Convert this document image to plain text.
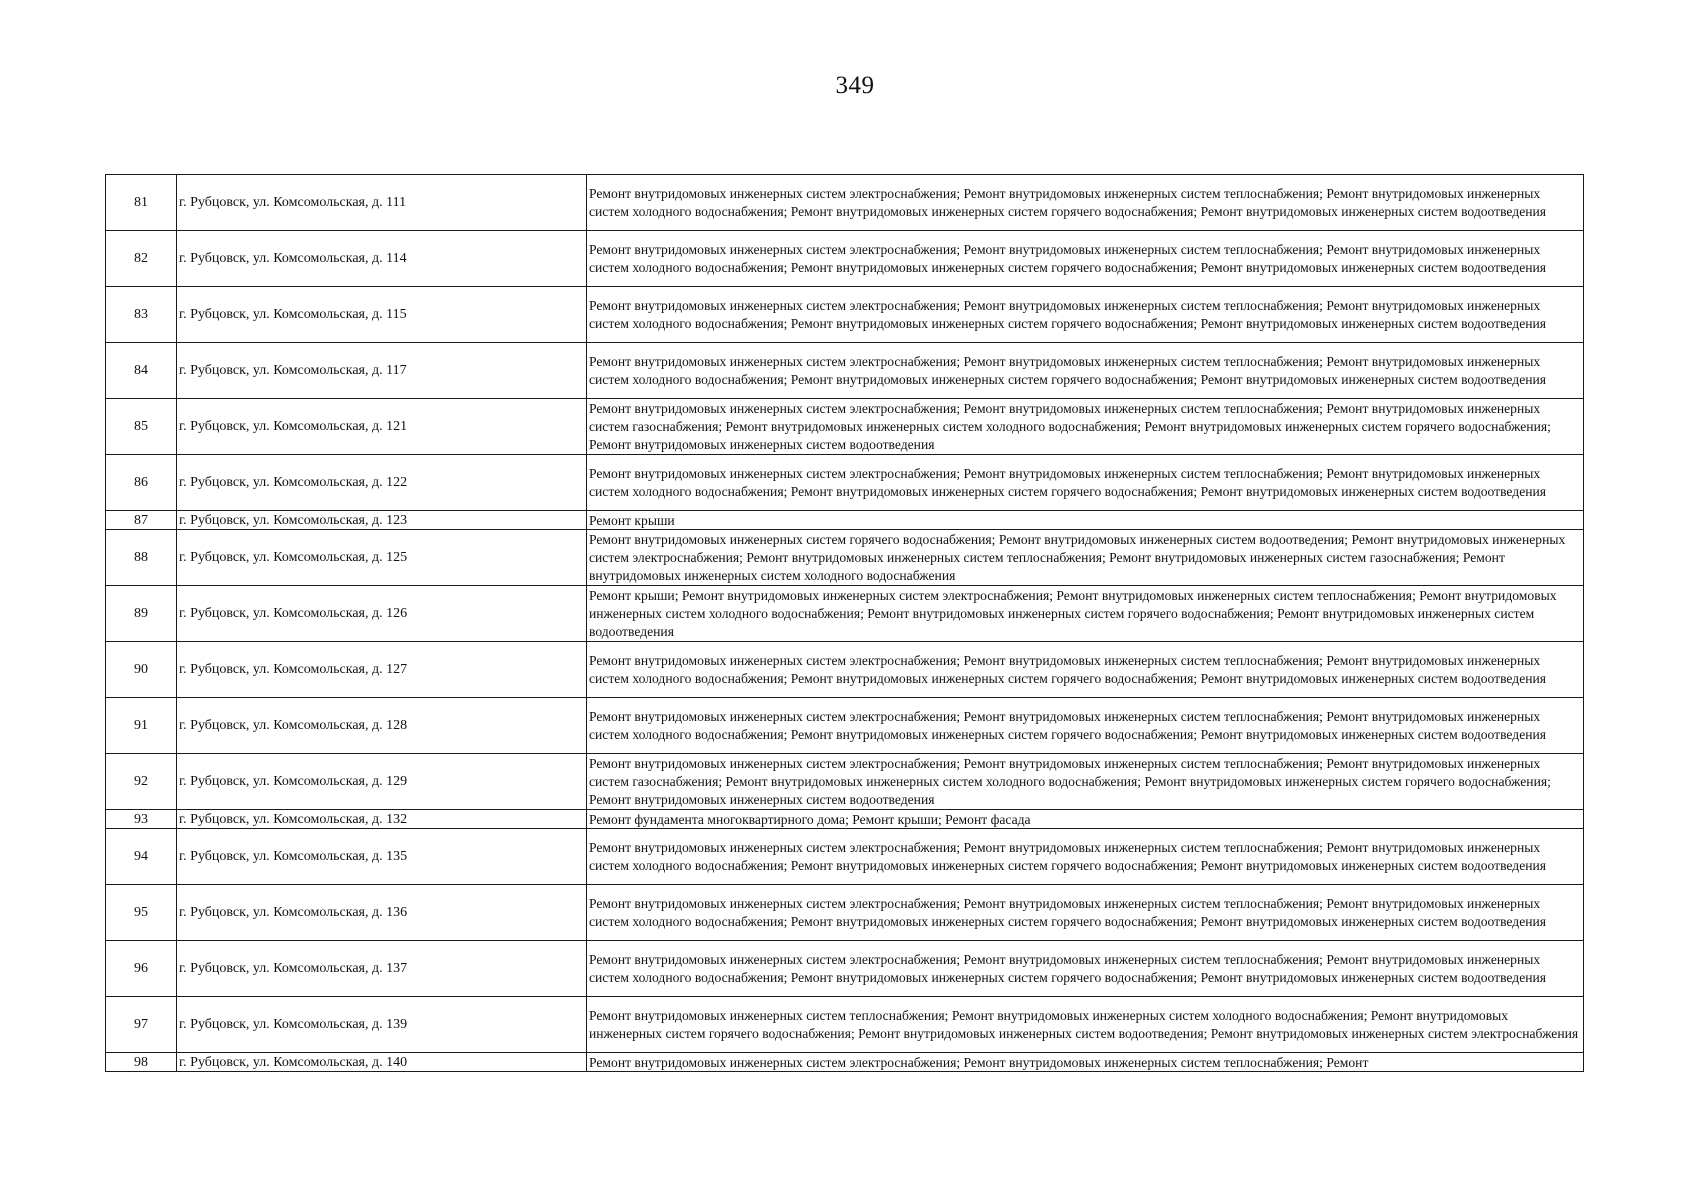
349
81	г. Рубцовск, ул. Комсомольская, д. 111	Ремонт внутридомовых инженерных систем электроснабжения; Ремонт внутридомовых инженерных систем теплоснабжения; Ремонт внутридомовых инженерных систем холодного водоснабжения; Ремонт внутридомовых инженерных систем горячего водоснабжения; Ремонт внутридомовых инженерных систем водоотведения
82	г. Рубцовск, ул. Комсомольская, д. 114	Ремонт внутридомовых инженерных систем электроснабжения; Ремонт внутридомовых инженерных систем теплоснабжения; Ремонт внутридомовых инженерных систем холодного водоснабжения; Ремонт внутридомовых инженерных систем горячего водоснабжения; Ремонт внутридомовых инженерных систем водоотведения
83	г. Рубцовск, ул. Комсомольская, д. 115	Ремонт внутридомовых инженерных систем электроснабжения; Ремонт внутридомовых инженерных систем теплоснабжения; Ремонт внутридомовых инженерных систем холодного водоснабжения; Ремонт внутридомовых инженерных систем горячего водоснабжения; Ремонт внутридомовых инженерных систем водоотведения
84	г. Рубцовск, ул. Комсомольская, д. 117	Ремонт внутридомовых инженерных систем электроснабжения; Ремонт внутридомовых инженерных систем теплоснабжения; Ремонт внутридомовых инженерных систем холодного водоснабжения; Ремонт внутридомовых инженерных систем горячего водоснабжения; Ремонт внутридомовых инженерных систем водоотведения
85	г. Рубцовск, ул. Комсомольская, д. 121	Ремонт внутридомовых инженерных систем электроснабжения; Ремонт внутридомовых инженерных систем теплоснабжения; Ремонт внутридомовых инженерных систем газоснабжения; Ремонт внутридомовых инженерных систем холодного водоснабжения; Ремонт внутридомовых инженерных систем горячего водоснабжения; Ремонт внутридомовых инженерных систем водоотведения
86	г. Рубцовск, ул. Комсомольская, д. 122	Ремонт внутридомовых инженерных систем электроснабжения; Ремонт внутридомовых инженерных систем теплоснабжения; Ремонт внутридомовых инженерных систем холодного водоснабжения; Ремонт внутридомовых инженерных систем горячего водоснабжения; Ремонт внутридомовых инженерных систем водоотведения
87	г. Рубцовск, ул. Комсомольская, д. 123	Ремонт крыши
88	г. Рубцовск, ул. Комсомольская, д. 125	Ремонт внутридомовых инженерных систем горячего водоснабжения; Ремонт внутридомовых инженерных систем водоотведения; Ремонт внутридомовых инженерных систем электроснабжения; Ремонт внутридомовых инженерных систем теплоснабжения; Ремонт внутридомовых инженерных систем газоснабжения; Ремонт внутридомовых инженерных систем холодного водоснабжения
89	г. Рубцовск, ул. Комсомольская, д. 126	Ремонт крыши; Ремонт внутридомовых инженерных систем электроснабжения; Ремонт внутридомовых инженерных систем теплоснабжения; Ремонт внутридомовых инженерных систем холодного водоснабжения; Ремонт внутридомовых инженерных систем горячего водоснабжения; Ремонт внутридомовых инженерных систем водоотведения
90	г. Рубцовск, ул. Комсомольская, д. 127	Ремонт внутридомовых инженерных систем электроснабжения; Ремонт внутридомовых инженерных систем теплоснабжения; Ремонт внутридомовых инженерных систем холодного водоснабжения; Ремонт внутридомовых инженерных систем горячего водоснабжения; Ремонт внутридомовых инженерных систем водоотведения
91	г. Рубцовск, ул. Комсомольская, д. 128	Ремонт внутридомовых инженерных систем электроснабжения; Ремонт внутридомовых инженерных систем теплоснабжения; Ремонт внутридомовых инженерных систем холодного водоснабжения; Ремонт внутридомовых инженерных систем горячего водоснабжения; Ремонт внутридомовых инженерных систем водоотведения
92	г. Рубцовск, ул. Комсомольская, д. 129	Ремонт внутридомовых инженерных систем электроснабжения; Ремонт внутридомовых инженерных систем теплоснабжения; Ремонт внутридомовых инженерных систем газоснабжения; Ремонт внутридомовых инженерных систем холодного водоснабжения; Ремонт внутридомовых инженерных систем горячего водоснабжения; Ремонт внутридомовых инженерных систем водоотведения
93	г. Рубцовск, ул. Комсомольская, д. 132	Ремонт фундамента многоквартирного дома; Ремонт крыши; Ремонт фасада
94	г. Рубцовск, ул. Комсомольская, д. 135	Ремонт внутридомовых инженерных систем электроснабжения; Ремонт внутридомовых инженерных систем теплоснабжения; Ремонт внутридомовых инженерных систем холодного водоснабжения; Ремонт внутридомовых инженерных систем горячего водоснабжения; Ремонт внутридомовых инженерных систем водоотведения
95	г. Рубцовск, ул. Комсомольская, д. 136	Ремонт внутридомовых инженерных систем электроснабжения; Ремонт внутридомовых инженерных систем теплоснабжения; Ремонт внутридомовых инженерных систем холодного водоснабжения; Ремонт внутридомовых инженерных систем горячего водоснабжения; Ремонт внутридомовых инженерных систем водоотведения
96	г. Рубцовск, ул. Комсомольская, д. 137	Ремонт внутридомовых инженерных систем электроснабжения; Ремонт внутридомовых инженерных систем теплоснабжения; Ремонт внутридомовых инженерных систем холодного водоснабжения; Ремонт внутридомовых инженерных систем горячего водоснабжения; Ремонт внутридомовых инженерных систем водоотведения
97	г. Рубцовск, ул. Комсомольская, д. 139	Ремонт внутридомовых инженерных систем теплоснабжения; Ремонт внутридомовых инженерных систем холодного водоснабжения; Ремонт внутридомовых инженерных систем горячего водоснабжения; Ремонт внутридомовых инженерных систем водоотведения; Ремонт внутридомовых инженерных систем электроснабжения
98	г. Рубцовск, ул. Комсомольская, д. 140	Ремонт внутридомовых инженерных систем электроснабжения; Ремонт внутридомовых инженерных систем теплоснабжения; Ремонт
